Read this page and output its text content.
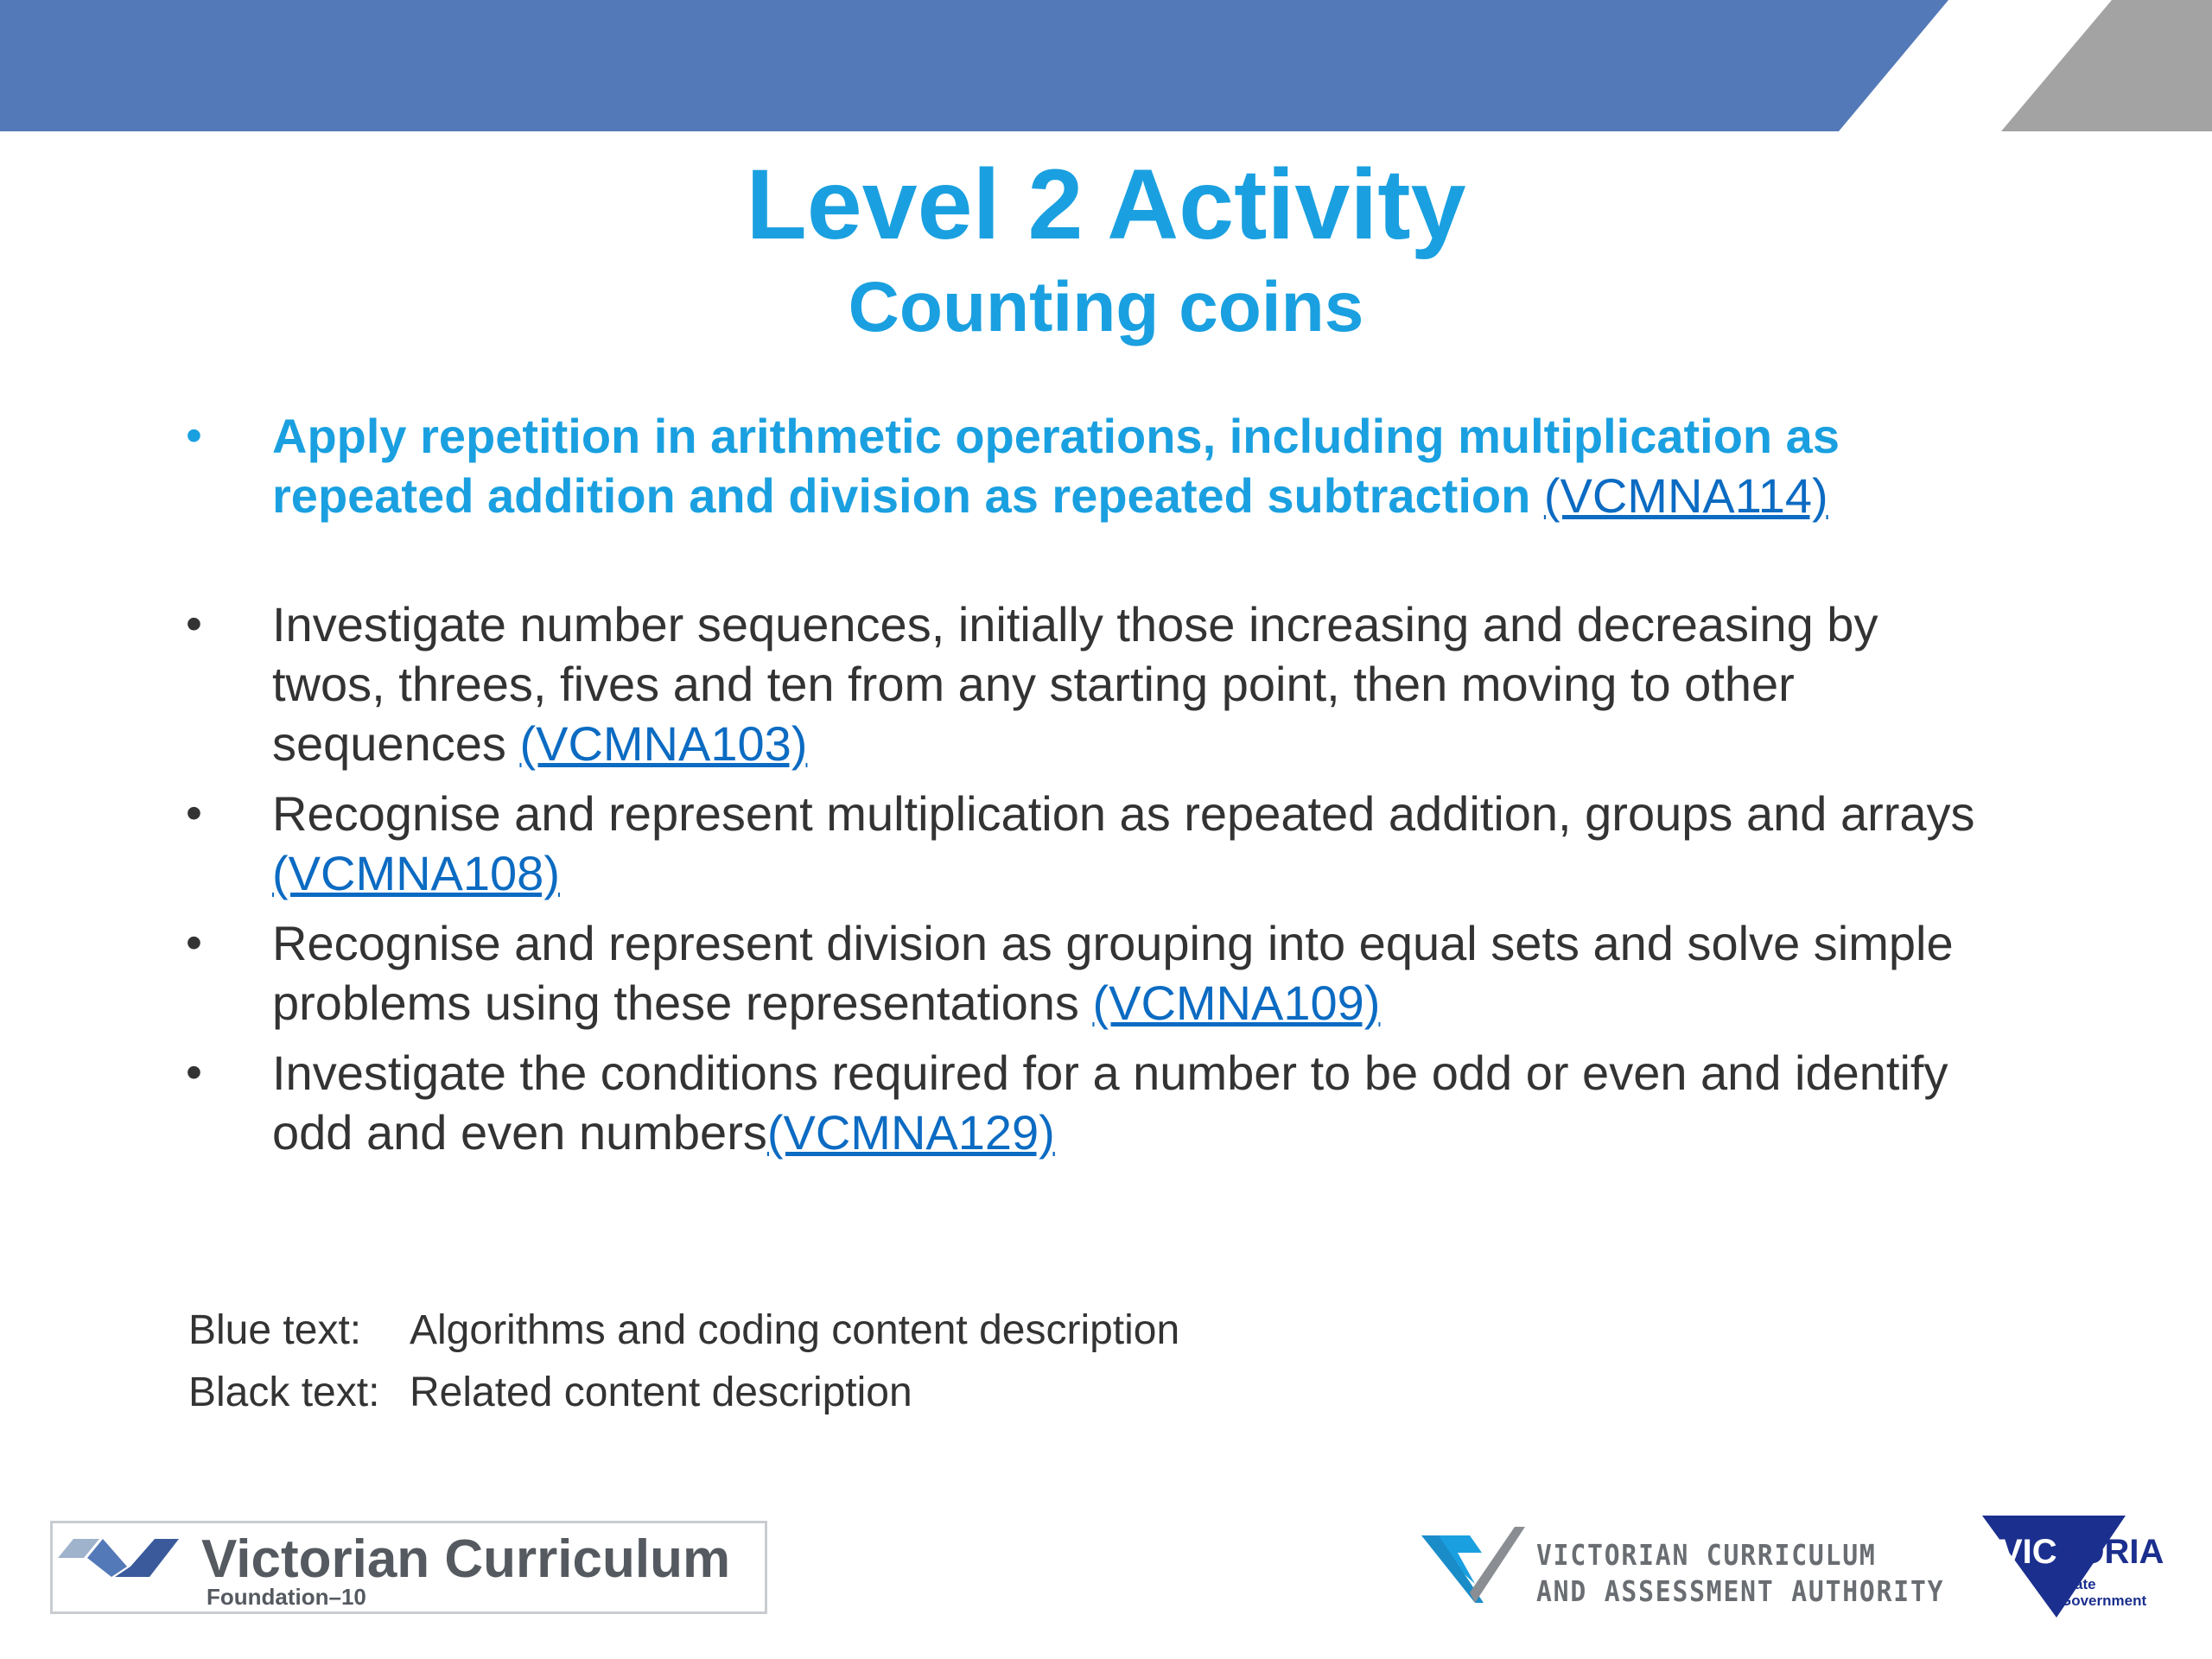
Level 2 Activity
Counting coins
• Apply repetition in arithmetic operations, including multiplication as repeated addition and division as repeated subtraction (VCMNA114)
• Investigate number sequences, initially those increasing and decreasing by twos, threes, fives and ten from any starting point, then moving to other sequences (VCMNA103)
• Recognise and represent multiplication as repeated addition, groups and arrays (VCMNA108)
• Recognise and represent division as grouping into equal sets and solve simple problems using these representations (VCMNA109)
• Investigate the conditions required for a number to be odd or even and identify odd and even numbers(VCMNA129)
Blue text: Algorithms and coding content description
Black text: Related content description
Victorian Curriculum
Foundation–10
VICTORIAN CURRICULUM
AND ASSESSMENT AUTHORITY
VICTORIA
State
Government
